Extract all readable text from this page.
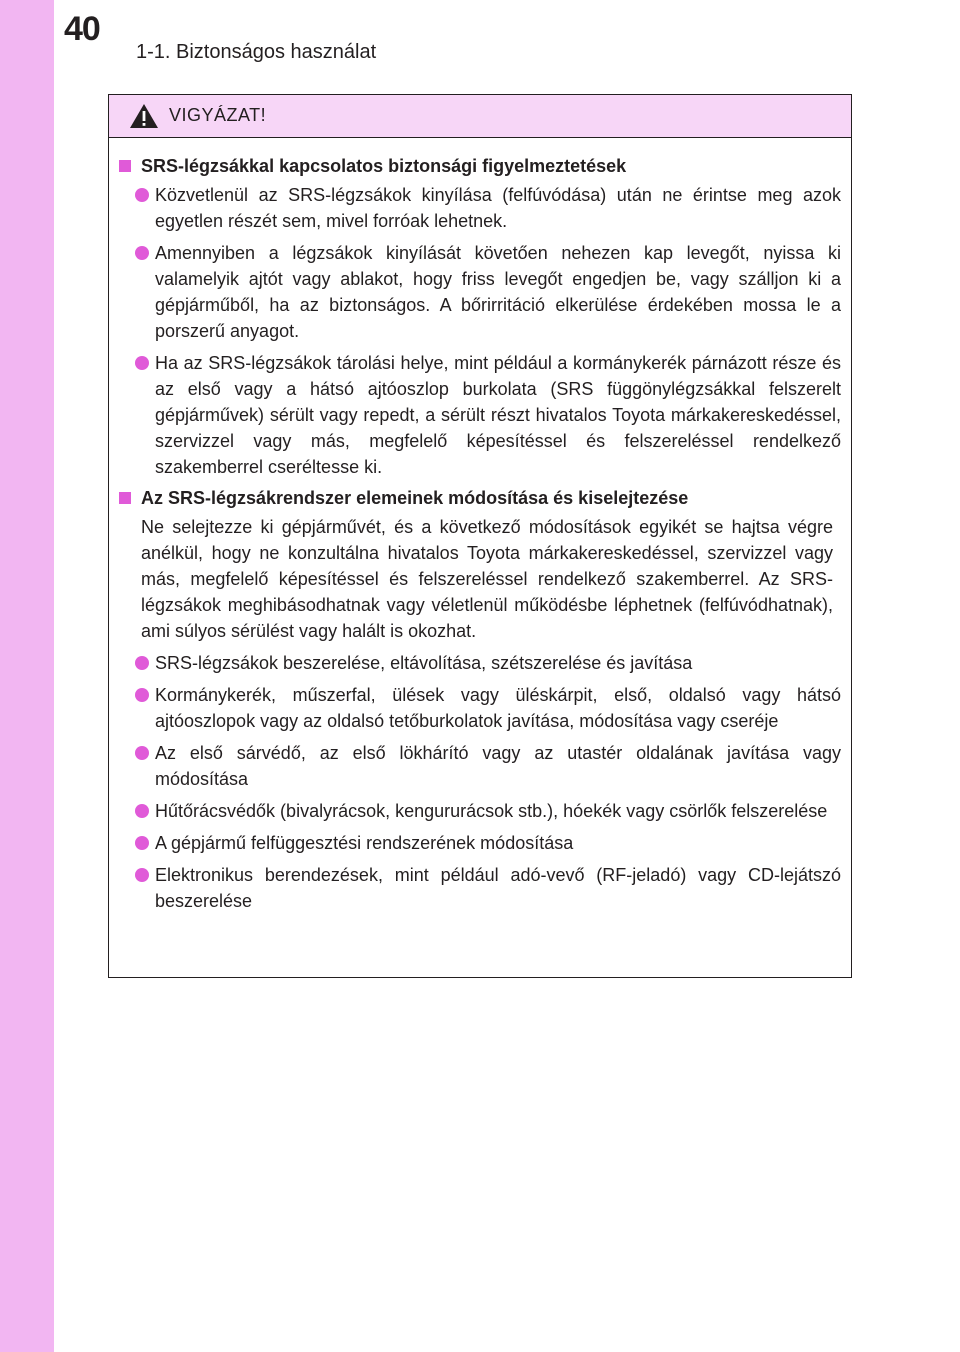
40
1-1. Biztonságos használat
VIGYÁZAT!
SRS-légzsákkal kapcsolatos biztonsági figyelmeztetések
Közvetlenül az SRS-légzsákok kinyílása (felfúvódása) után ne érintse meg azok egyetlen részét sem, mivel forróak lehetnek.
Amennyiben a légzsákok kinyílását követően nehezen kap levegőt, nyissa ki valamelyik ajtót vagy ablakot, hogy friss levegőt engedjen be, vagy szálljon ki a gépjárműből, ha az biztonságos. A bőrirritáció elkerülése érdekében mossa le a porszerű anyagot.
Ha az SRS-légzsákok tárolási helye, mint például a kormánykerék párnázott része és az első vagy a hátsó ajtóoszlop burkolata (SRS függönylégzsákkal felszerelt gépjárművek) sérült vagy repedt, a sérült részt hivatalos Toyota márkakereskedéssel, szervizzel vagy más, megfelelő képesítéssel és felszereléssel rendelkező szakemberrel cseréltesse ki.
Az SRS-légzsákrendszer elemeinek módosítása és kiselejtezése
Ne selejtezze ki gépjárművét, és a következő módosítások egyikét se hajtsa végre anélkül, hogy ne konzultálna hivatalos Toyota márkakereskedéssel, szervizzel vagy más, megfelelő képesítéssel és felszereléssel rendelkező szakemberrel. Az SRS-légzsákok meghibásodhatnak vagy véletlenül működésbe léphetnek (felfúvódhatnak), ami súlyos sérülést vagy halált is okozhat.
SRS-légzsákok beszerelése, eltávolítása, szétszerelése és javítása
Kormánykerék, műszerfal, ülések vagy üléskárpit, első, oldalsó vagy hátsó ajtóoszlopok vagy az oldalsó tetőburkolatok javítása, módosítása vagy cseréje
Az első sárvédő, az első lökhárító vagy az utastér oldalának javítása vagy módosítása
Hűtőrácsvédők (bivalyrácsok, kengururácsok stb.), hóekék vagy csörlők felszerelése
A gépjármű felfüggesztési rendszerének módosítása
Elektronikus berendezések, mint például adó-vevő (RF-jeladó) vagy CD-lejátszó beszerelése
